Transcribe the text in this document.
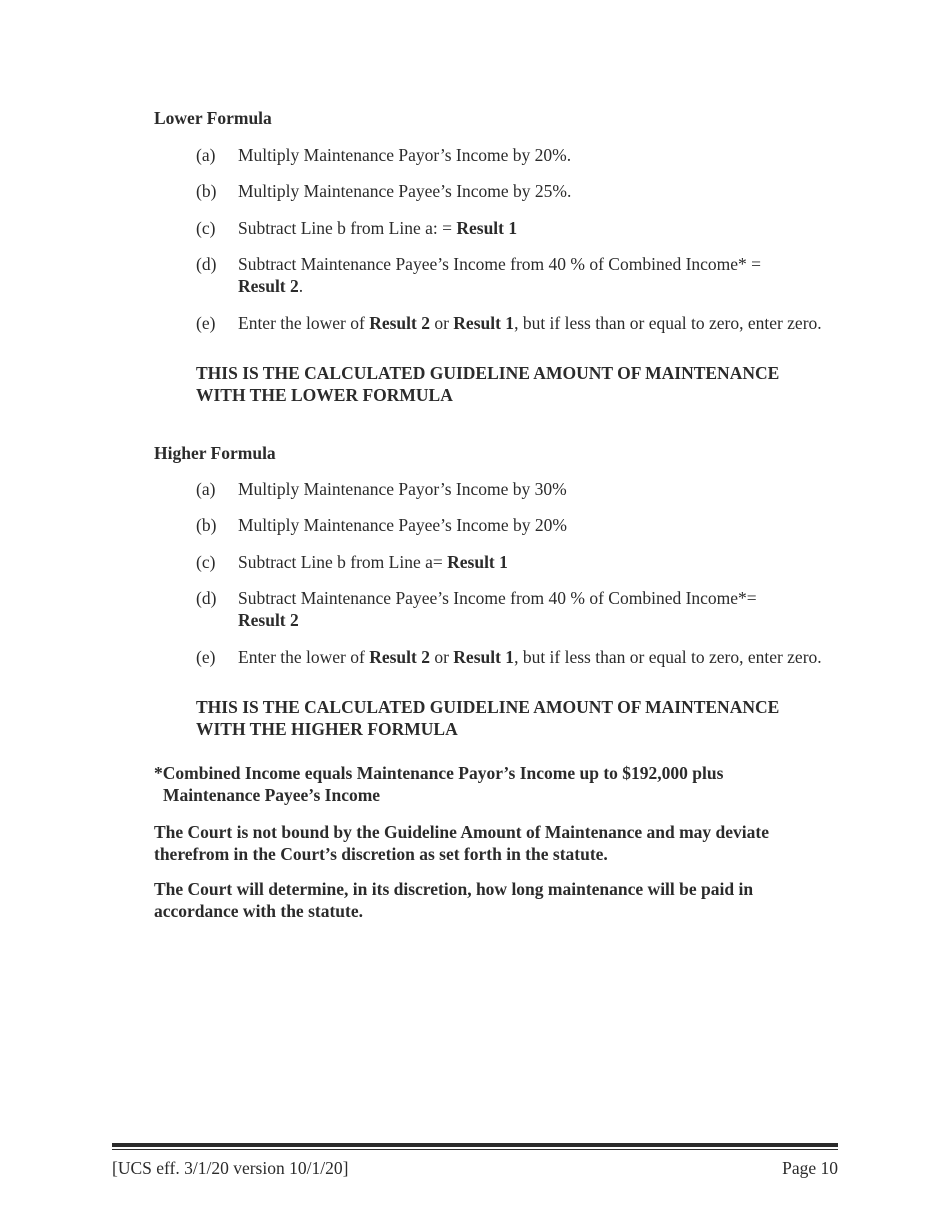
Lower Formula
(a) Multiply Maintenance Payor’s Income by 20%.
(b) Multiply Maintenance Payee’s Income by 25%.
(c) Subtract Line b from Line a: = Result 1
(d) Subtract Maintenance Payee’s Income from 40 % of Combined Income* = Result 2.
(e) Enter the lower of Result 2 or Result 1, but if less than or equal to zero, enter zero.
THIS IS THE CALCULATED GUIDELINE AMOUNT OF MAINTENANCE
WITH THE LOWER FORMULA
Higher Formula
(a) Multiply Maintenance Payor’s Income by 30%
(b) Multiply Maintenance Payee’s Income by 20%
(c) Subtract Line b from Line a= Result 1
(d) Subtract Maintenance Payee’s Income from 40 % of Combined Income*= Result 2
(e) Enter the lower of Result 2 or Result 1, but if less than or equal to zero, enter zero.
THIS IS THE CALCULATED GUIDELINE AMOUNT OF MAINTENANCE
WITH THE HIGHER FORMULA
*Combined Income equals Maintenance Payor’s Income up to $192,000 plus
Maintenance Payee’s Income
The Court is not bound by the Guideline Amount of Maintenance and may deviate
therefrom in the Court’s discretion as set forth in the statute.
The Court will determine, in its discretion, how long maintenance will be paid in
accordance with the statute.
[UCS eff. 3/1/20 version 10/1/20]	Page 10
